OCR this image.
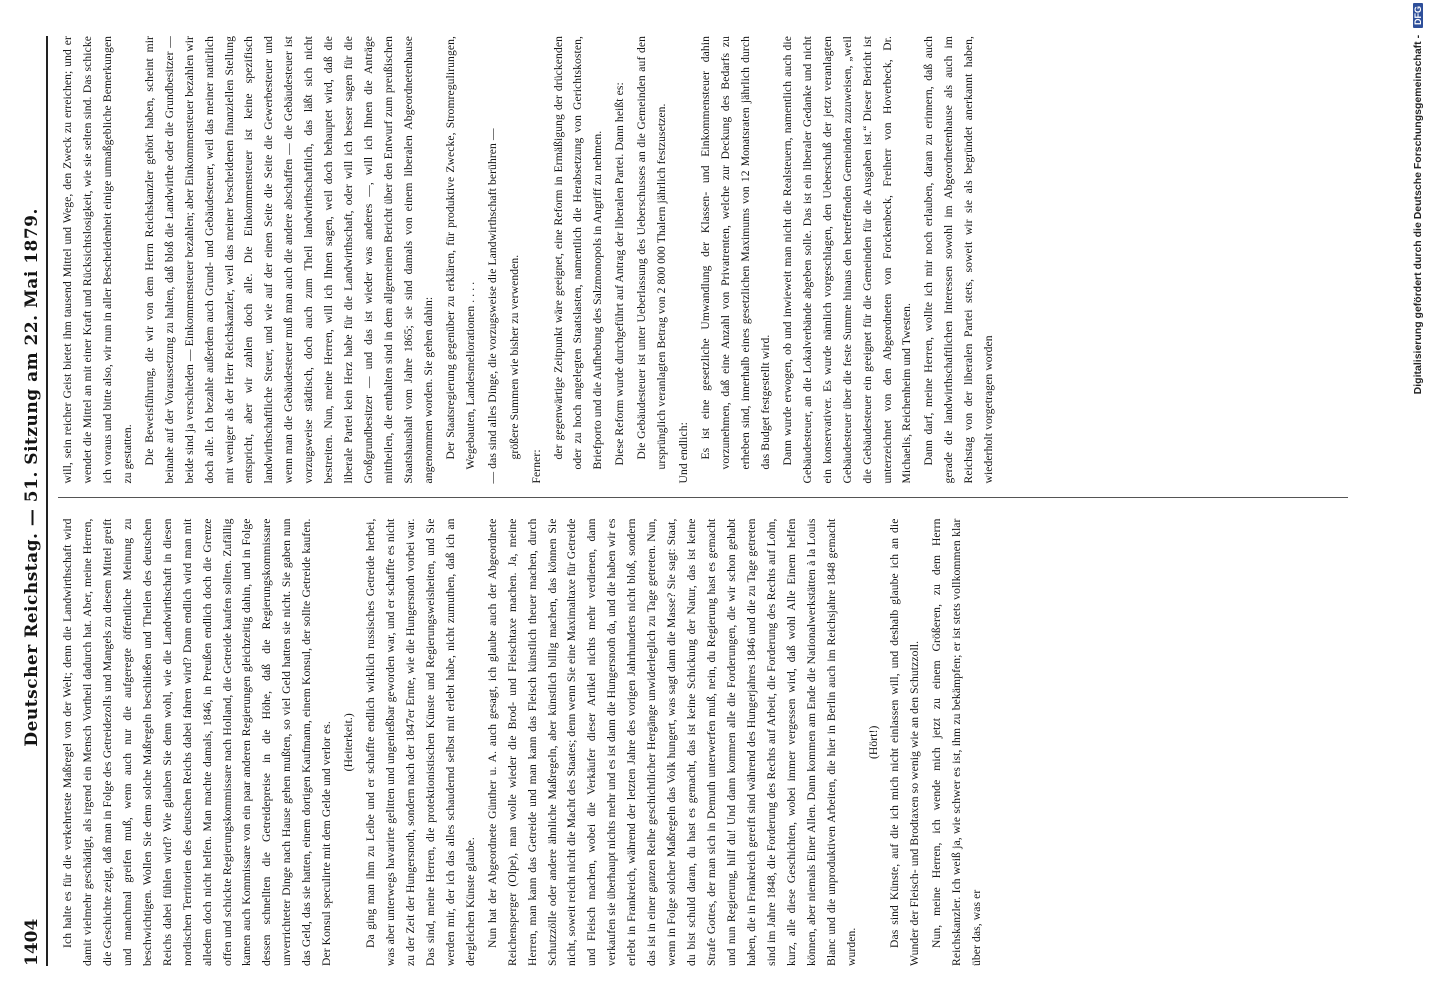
1404
Deutscher Reichstag. — 51. Sitzung am 22. Mai 1879. Ich halte es für die verkehrteste Maßregel von der Welt; denn die Landwirthschaft wird damit vielmehr geschädigt, als irgend ein Mensch Vortheil dadurch hat. Aber, meine Herren, die Geschichte zeigt, daß man in Folge des Getreidezolls und Mangels zu diesem Mittel greift und manchmal greifen muß, wenn auch nur die aufgeregte öffentliche Meinung zu beschwichtigen. Wollen Sie denn solche Maßregeln beschließen und Theilen des deutschen Reichs dabei fühlen wird? Wie glauben Sie denn wohl, wie die Landwirthschaft in diesen nordischen Territorien des deutschen Reichs dabei fahren wird? Dann endlich wird man mit alledem doch nicht helfen. Man machte damals, 1846, in Preußen endlich doch die Grenze offen und schickte Regierungskommissare nach Holland, die Getreide kaufen sollten. Zufällig kamen auch Kommissare von ein paar anderen Regierungen gleichzeitig dahin, und in Folge dessen schnellten die Getreidepreise in die Höhe, daß die Regierungskommissare unverrichteter Dinge nach Hause gehen mußten, so viel Geld hatten sie nicht. Sie gaben nun das Geld, das sie hatten, einem dortigen Kaufmann, einem Konsul, der sollte Getreide kaufen. Der Konsul speculirte mit dem Gelde und verlor es. (Heiterkeit.) Da ging man ihm zu Leibe und er schaffte endlich wirklich russisches Getreide herbei, was aber unterwegs havarirte gelitten und ungenießbar geworden war, und er schaffte es nicht zu der Zeit der Hungersnoth, sondern nach der 1847er Ernte, wie die Hungersnoth vorbei war. Das sind, meine Herren, die protektionistischen Künste und Regierungsweisheiten, und Sie werden mir, der ich das alles schaudernd selbst mit erlebt habe, nicht zumuthen, daß ich an dergleichen Künste glaube. Nun hat der Abgeordnete Günther u. A. auch gesagt, ich glaube auch der Abgeordnete Reichensperger (Olpe), man wolle wieder die Brod- und Fleischtaxe machen. Ja, meine Herren, man kann das Getreide und man kann das Fleisch künstlich theuer machen, durch Schutzzölle oder andere ähnliche Maßregeln, aber künstlich billig machen, das können Sie nicht, soweit reicht nicht die Macht des Staates; denn wenn Sie eine Maximaltaxe für Getreide und Fleisch machen, wobei die Verkäufer dieser Artikel nichts mehr verdienen, dann verkaufen sie überhaupt nichts mehr und es ist dann die Hungersnoth da, und die haben wir es erlebt in Frankreich, während der letzten Jahre des vorigen Jahrhunderts nicht bloß, sondern das ist in einer ganzen Reihe geschichtlicher Hergänge unwiderleglich zu Tage getreten. Nun, wenn in Folge solcher Maßregeln das Volk hungert, was sagt dann die Masse? Sie sagt: Staat, du bist schuld daran, du hast es gemacht, das ist keine Schickung der Natur, das ist keine Strafe Gottes, der man sich in Demuth unterwerfen muß, nein, du Regierung hast es gemacht und nun Regierung, hilf du! Und dann kommen alle die Forderungen, die wir schon gehabt haben, die in Frankreich gereift sind während des Hungerjahres 1846 und die zu Tage getreten sind im Jahre 1848, die Forderung des Rechts auf Arbeit, die Forderung des Rechts auf Lohn, kurz, alle diese Geschichten, wobei immer vergessen wird, daß wohl Alle Einem helfen können, aber niemals Einer Allen. Dann kommen am Ende die Nationalwerkstätten à la Louis Blanc und die unproduktiven Arbeiten, die hier in Berlin auch im Reichsjahre 1848 gemacht wurden.

(Hört!) Das sind Künste, auf die ich mich nicht einlassen will, und deshalb glaube ich an die Wunder der Fleisch- und Brodtaxen so wenig wie an den Schutzzoll. Nun, meine Herren, ich wende mich jetzt zu einem Größeren, zu dem Herrn Reichskanzler. Ich weiß ja, wie schwer es ist, ihm zu bekämpfen; er ist stets vollkommen klar über das, was er

will, sein reicher Geist bietet ihm tausend Mittel und Wege, den Zweck zu erreichen; und er wendet die Mittel an mit einer Kraft und Rücksichtslosigkeit, wie sie selten sind. Das schicke ich voraus und bitte also, wir nun in aller Bescheidenheit einige unmaßgebliche Bemerkungen zu gestatten. Die Beweisführung, die wir von dem Herrn Reichskanzler gehört haben, scheint mir beinahe auf der Voraussetzung zu halten, daß bloß die Landwirthe oder die Grundbesitzer — beide sind ja verschieden — Einkommensteuer bezahlen; aber Einkommensteuer bezahlen wir doch alle. Ich bezahle außerdem auch Grund- und Gebäudesteuer, weil das meiner natürlich mit weniger als der Herr Reichskanzler, weil das meiner bescheidenen finanziellen Stellung entspricht, aber wir zahlen doch alle. Die Einkommensteuer ist keine spezifisch landwirthschaftliche Steuer, und wie auf der einen Seite die Seite die Gewerbesteuer und wenn man die Gebäudesteuer muß man auch die andere abschaffen — die Gebäudesteuer ist vorzugsweise städtisch, doch auch zum Theil landwirthschaftlich, das läßt sich nicht bestreiten. Nun, meine Herren, will ich Ihnen sagen, weil doch behauptet wird, daß die liberale Partei kein Herz habe für die Landwirthschaft, oder will ich besser sagen für die Großgrundbesitzer — und das ist wieder was anderes —, will ich Ihnen die Anträge mittheilen, die enthalten sind in dem allgemeinen Bericht über den Entwurf zum preußischen Staatshaushalt vom Jahre 1865; sie sind damals von einem liberalen Abgeordnetenhause angenommen worden. Sie gehen dahin: Der Staatsregierung gegenüber zu erklären, für produktive Zwecke, Stromregulirungen, Wegebauten, Landesmeliorationen . . . . — das sind alles Dinge, die vorzugsweise die Landwirthschaft berühren — größere Summen wie bisher zu verwenden.

Ferner:

der gegenwärtige Zeitpunkt wäre geeignet, eine Reform in Ermäßigung der drückenden oder zu hoch angelegten Staatslasten, namentlich die Herabsetzung von Gerichtskosten, Briefporto und die Aufhebung des Salzmonopols in Angriff zu nehmen. Diese Reform wurde durchgeführt auf Antrag der liberalen Partei. Dann heißt es: Die Gebäudesteuer ist unter Ueberlassung des Ueberschusses an die Gemeinden auf den ursprünglich veranlagten Betrag von 2 800 000 Thalern jährlich festzusetzen. Und endlich: Es ist eine gesetzliche Umwandlung der Klassen- und Einkommensteuer dahin vorzunehmen, daß eine Anzahl von Privatrenten, welche zur Deckung des Bedarfs zu erheben sind, innerhalb eines gesetzlichen Maximums von 12 Monatsraten jährlich durch das Budget festgestellt wird. Dann wurde erwogen, ob und inwieweit man nicht die Realsteuern, namentlich auch die Gebäudesteuer, an die Lokalverbände abgeben solle. Das ist ein liberaler Gedanke und nicht ein konservativer. Es wurde nämlich vorgeschlagen, den Ueberschuß der jetzt veranlagten Gebäudesteuer über die feste Summe hinaus den betreffenden Gemeinden zuzuweisen, „weil die Gebäudesteuer ein geeignet für die Gemeinden für die Ausgaben ist.“ Dieser Bericht ist unterzeichnet von den Abgeordneten von Forckenbeck, Freiherr von Hoverbeck, Dr. Michaelis, Reichenheim und Twesten. Dann darf, meine Herren, wollte ich mir noch erlauben, daran zu erinnern, daß auch gerade die landwirthschaftlichen Interessen sowohl im Abgeordnetenhause als auch im Reichstag von der liberalen Partei stets, soweit wir sie als begründet anerkannt haben, wiederholt vorgetragen worden

Digitalisierung gefördert durch die Deutsche Forschungsgemeinschaft - DFG
